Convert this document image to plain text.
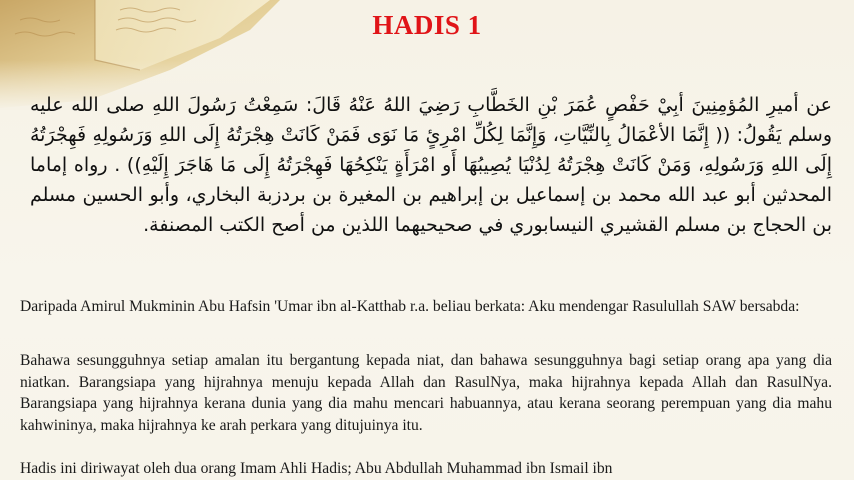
HADIS 1

عن أميرِ المُؤمِنِينَ أبِيْ حَفْصٍ عُمَرَ بْنِ الخَطَّابِ رَضِيَ اللهُ عَنْهُ قَالَ: سَمِعْتُ رَسُولَ اللهِ صلى الله عليه وسلم يَقُولُ: (( إِنَّمَا الأعْمَالُ بِالنِّيَّاتِ، وَإِنَّمَا لِكُلِّ امْرِئٍ مَا نَوَى فَمَنْ كَانَتْ هِجْرَتُهُ إِلَى اللهِ وَرَسُولِهِ فَهِجْرَتُهُ إِلَى اللهِ وَرَسُولِهِ، وَمَنْ كَانَتْ هِجْرَتُهُ لِدُنْيَا يُصِيبُهَا أَو امْرَأَةٍ يَنْكِحُهَا فَهِجْرَتُهُ إِلَى مَا هَاجَرَ إِلَيْهِ)) . رواه إماما المحدثين أبو عبد الله محمد بن إسماعيل بن إبراهيم بن المغيرة بن بردزبة البخاري، وأبو الحسين مسلم بن الحجاج بن مسلم القشيري النيسابوري في صحيحيهما اللذين من أصح الكتب المصنفة.

Daripada Amirul Mukminin Abu Hafsin 'Umar ibn al-Katthab r.a. beliau berkata: Aku mendengar Rasulullah SAW bersabda:

Bahawa sesungguhnya setiap amalan itu bergantung kepada niat, dan bahawa sesungguhnya bagi setiap orang apa yang dia niatkan. Barangsiapa yang hijrahnya menuju kepada Allah dan RasulNya, maka hijrahnya kepada Allah dan RasulNya. Barangsiapa yang hijrahnya kerana dunia yang dia mahu mencari habuannya, atau kerana seorang perempuan yang dia mahu kahwininya, maka hijrahnya ke arah perkara yang ditujuinya itu.

Hadis ini diriwayat oleh dua orang Imam Ahli Hadis; Abu Abdullah Muhammad ibn Ismail ibn
